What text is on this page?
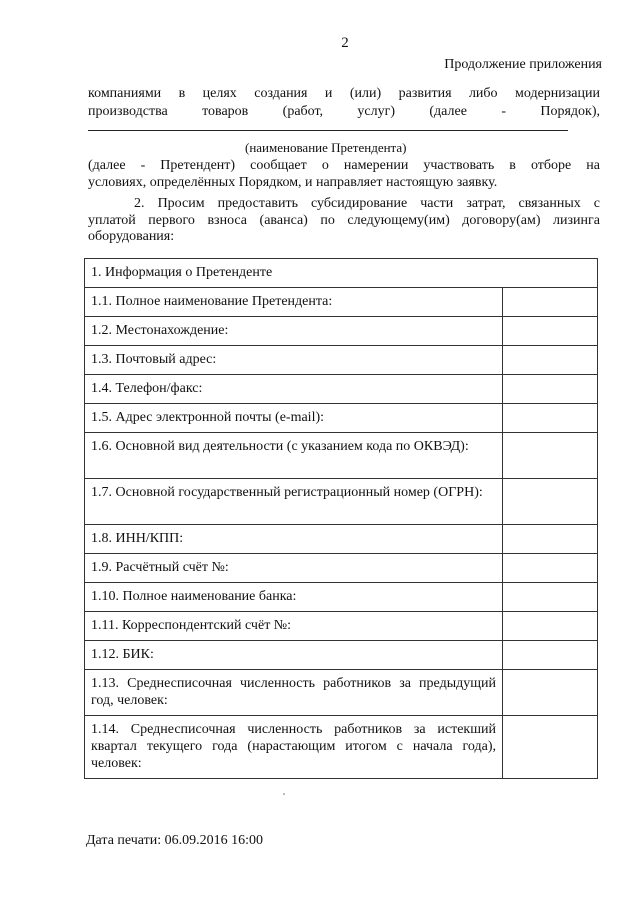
2
Продолжение приложения
компаниями в целях создания и (или) развития либо модернизации
производства товаров (работ, услуг) (далее - Порядок),
(наименование Претендента)
(далее - Претендент) сообщает о намерении участвовать в отборе на
условиях, определённых Порядком, и направляет настоящую заявку.
2. Просим предоставить субсидирование части затрат, связанных с
уплатой первого взноса (аванса) по следующему(им) договору(ам) лизинга
оборудования:
1. Информация о Претенденте	
1.1. Полное наименование Претендента:	
1.2. Местонахождение:	
1.3. Почтовый адрес:	
1.4. Телефон/факс:	
1.5. Адрес электронной почты (e-mail):	
1.6. Основной вид деятельности (с указанием кода по ОКВЭД):	
1.7. Основной государственный регистрационный номер (ОГРН):	
1.8. ИНН/КПП:	
1.9. Расчётный счёт №:	
1.10. Полное наименование банка:	
1.11. Корреспондентский счёт №:	
1.12. БИК:	
1.13. Среднесписочная численность работников за предыдущий год, человек:	
1.14. Среднесписочная численность работников за истекший квартал текущего года (нарастающим итогом с начала года), человек:	
Дата печати: 06.09.2016 16:00
